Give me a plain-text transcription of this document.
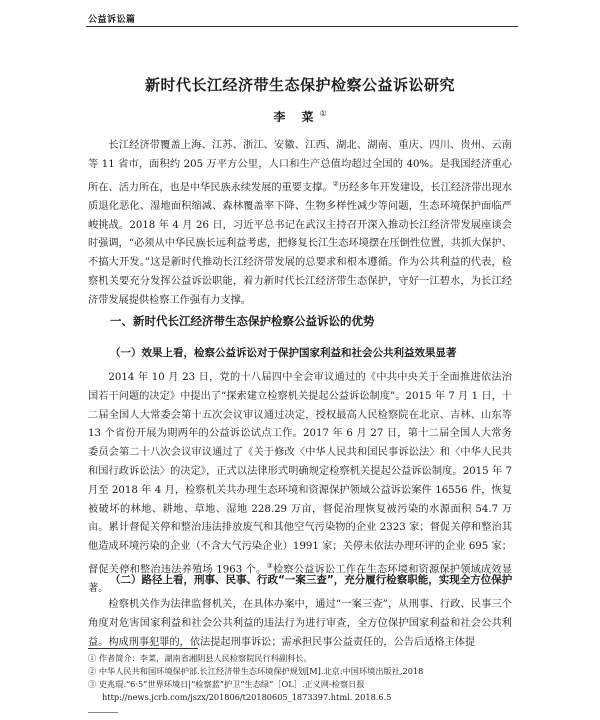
公益诉讼篇
新时代长江经济带生态保护检察公益诉讼研究
李 菜①

长江经济带覆盖上海、江苏、浙江、安徽、江西、湖北、湖南、重庆、四川、贵州、云南等 11 省市，面积约 205 万平方公里，人口和生产总值均超过全国的 40%。是我国经济重心所在、活力所在，也是中华民族永续发展的重要支撑。②历经多年开发建设，长江经济带出现水质退化恶化、湿地面积缩减、森林覆盖率下降、生物多样性减少等问题，生态环境保护面临严峻挑战。2018 年 4 月 26 日，习近平总书记在武汉主持召开深入推动长江经济带发展座谈会时强调，“必须从中华民族长远利益考虑，把修复长江生态环境摆在压倒性位置，共抓大保护、不搞大开发。”这是新时代推动长江经济带发展的总要求和根本遵循。作为公共利益的代表，检察机关要充分发挥公益诉讼职能，着力新时代长江经济带生态保护，守好一江碧水，为长江经济带发展提供检察工作强有力支撑。

一、新时代长江经济带生态保护检察公益诉讼的优势
（一）效果上看，检察公益诉讼对于保护国家利益和社会公共利益效果显著

2014 年 10 月 23 日，党的十八届四中全会审议通过的《中共中央关于全面推进依法治国若干问题的决定》中提出了“探索建立检察机关提起公益诉讼制度”。2015 年 7 月 1 日，十二届全国人大常委会第十五次会议审议通过决定，授权最高人民检察院在北京、吉林、山东等 13 个省份开展为期两年的公益诉讼试点工作。2017 年 6 月 27 日，第十二届全国人大常务委员会第二十八次会议审议通过了《关于修改〈中华人民共和国民事诉讼法〉和〈中华人民共和国行政诉讼法〉的决定》，正式以法律形式明确规定检察机关提起公益诉讼制度。2015 年 7 月至 2018 年 4 月，检察机关共办理生态环境和资源保护领域公益诉讼案件 16556 件，恢复被破坏的林地、耕地、草地、湿地 228.29 万亩，督促治理恢复被污染的水源面积 54.7 万亩。累计督促关停和整治违法排放废气和其他空气污染物的企业 2323 家；督促关停和整治其他造成环境污染的企业（不含大气污染企业）1991 家；关停未依法办理环评的企业 695 家；督促关停和整治违法养殖场 1963 个。③检察公益诉讼工作在生态环境和资源保护领域成效显著。

（二）路径上看，刑事、民事、行政“一案三查”，充分履行检察职能，实现全方位保护

检察机关作为法律监督机关，在具体办案中，通过“一案三查”，从刑事、行政、民事三个角度对危害国家利益和社会公共利益的违法行为进行审查，全方位保护国家利益和社会公共利益。构成刑事犯罪的，依法提起刑事诉讼；需承担民事公益责任的，公告后适格主体提

① 作者简介：李菜，湖南省湘阴县人民检察院民行科副科长。
② 中华人民共和国环境保护部.长江经济带生态环境保护规划[M].北京:中国环境出版社,2018
③ 史兆琨.“6·5”世界环境日|“检察蓝”护卫“生态绿”［OL］.正义网-检察日报
http://news.jcrb.com/jszx/201806/t20180605_1873397.html. 2018.6.5
